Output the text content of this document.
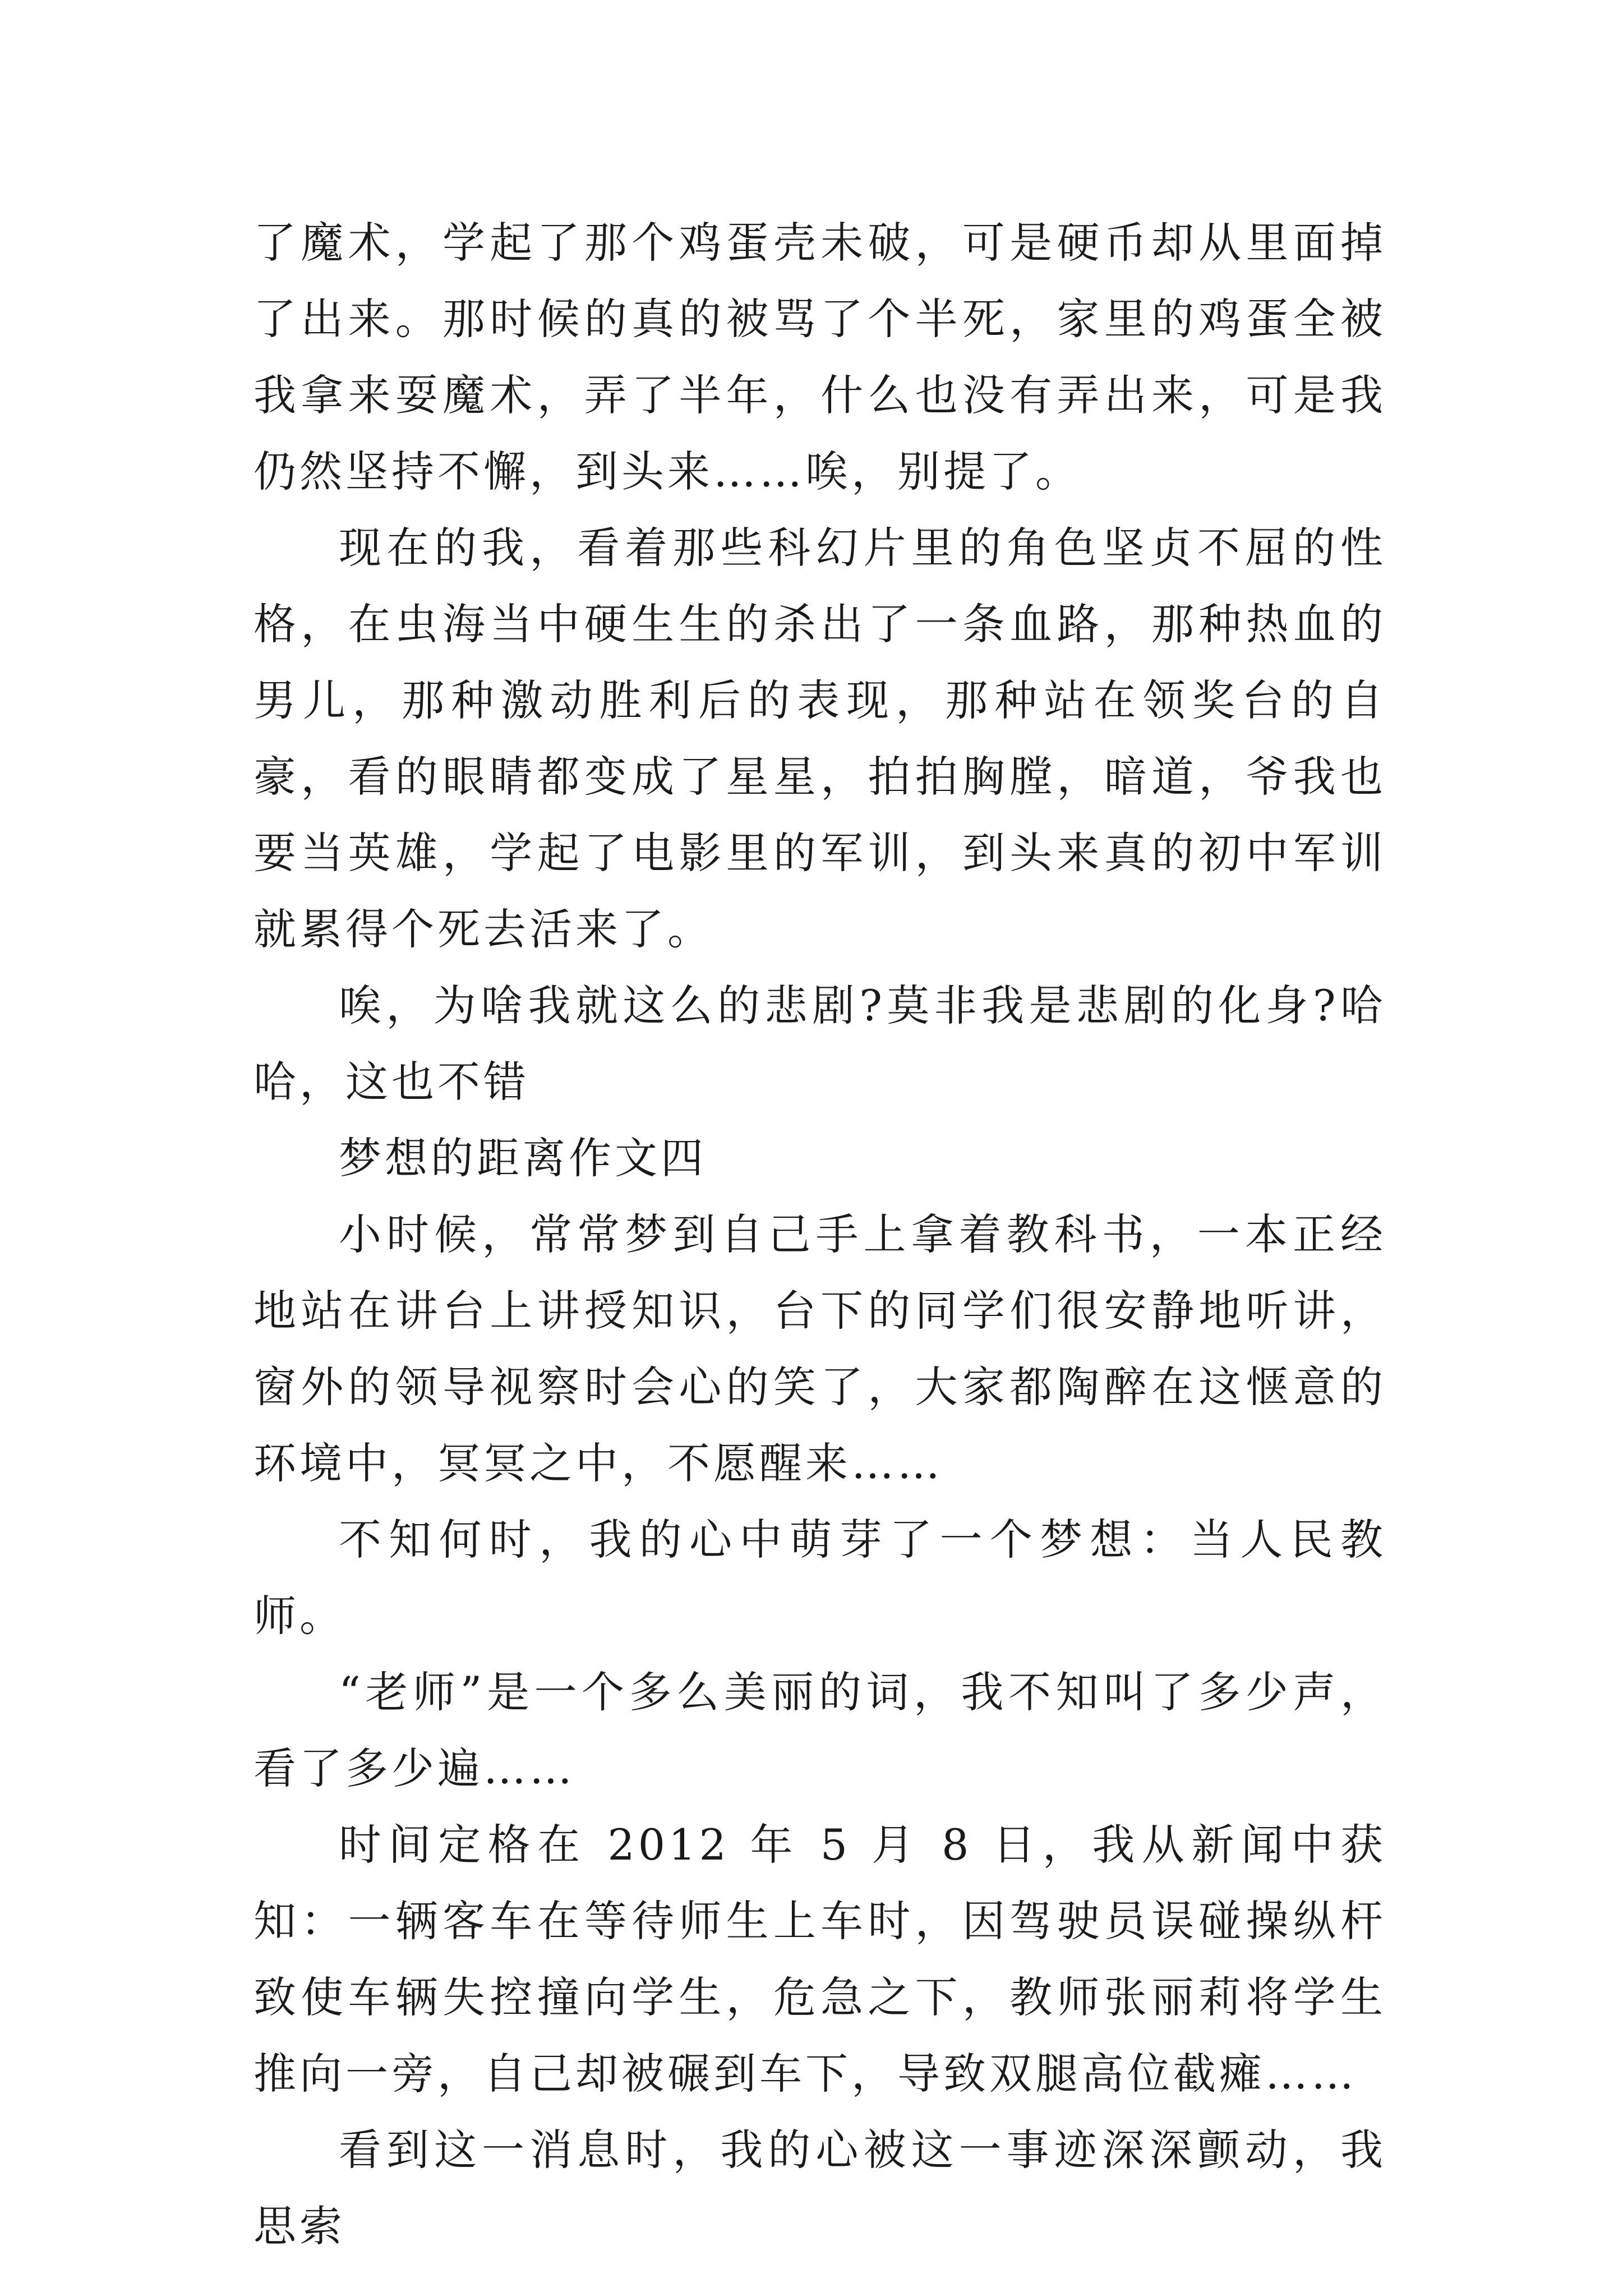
了魔术，学起了那个鸡蛋壳未破，可是硬币却从里面掉了出来。那时候的真的被骂了个半死，家里的鸡蛋全被我拿来耍魔术，弄了半年，什么也没有弄出来，可是我仍然坚持不懈，到头来……唉，别提了。

现在的我，看着那些科幻片里的角色坚贞不屈的性格，在虫海当中硬生生的杀出了一条血路，那种热血的男儿，那种激动胜利后的表现，那种站在领奖台的自豪，看的眼睛都变成了星星，拍拍胸膛，暗道，爷我也要当英雄，学起了电影里的军训，到头来真的初中军训就累得个死去活来了。

唉，为啥我就这么的悲剧?莫非我是悲剧的化身?哈哈，这也不错

梦想的距离作文四

小时候，常常梦到自己手上拿着教科书，一本正经地站在讲台上讲授知识，台下的同学们很安静地听讲，窗外的领导视察时会心的笑了，大家都陶醉在这惬意的环境中，冥冥之中，不愿醒来……

不知何时，我的心中萌芽了一个梦想：当人民教师。

“老师”是一个多么美丽的词，我不知叫了多少声，看了多少遍……

时间定格在 2012 年 5 月 8 日，我从新闻中获知：一辆客车在等待师生上车时，因驾驶员误碰操纵杆致使车辆失控撞向学生，危急之下，教师张丽莉将学生推向一旁，自己却被碾到车下，导致双腿高位截瘫……

看到这一消息时，我的心被这一事迹深深颤动，我思索
